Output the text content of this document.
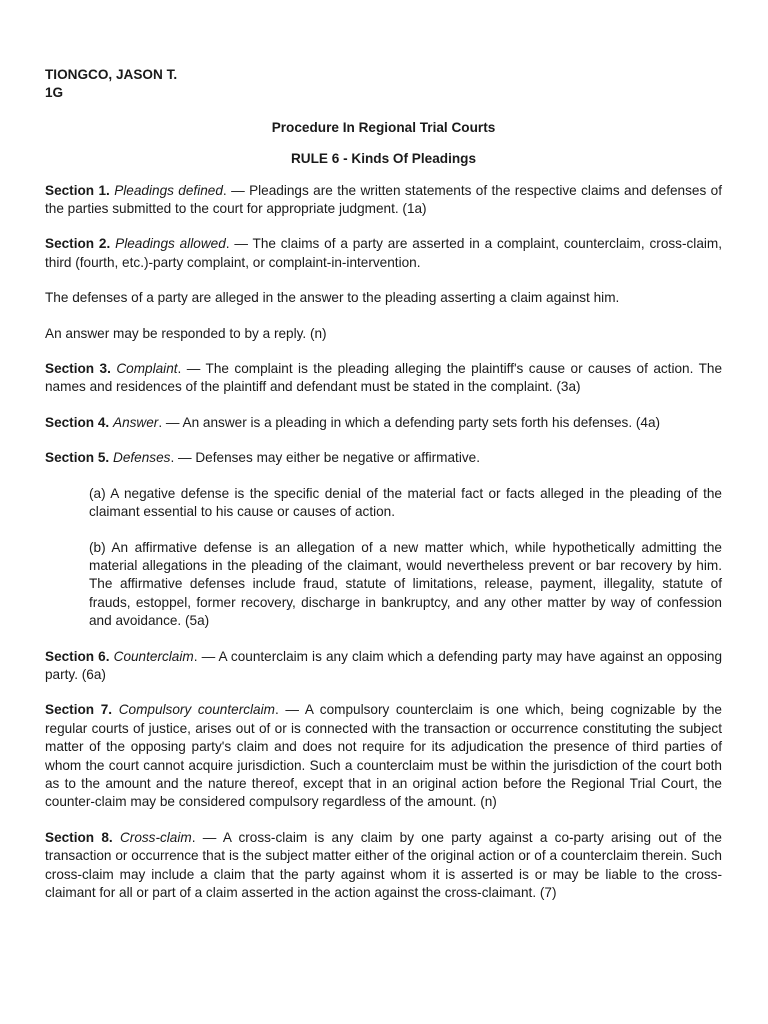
TIONGCO, JASON T.
1G
Procedure In Regional Trial Courts
RULE 6 - Kinds Of Pleadings

Section 1. Pleadings defined. — Pleadings are the written statements of the respective claims and defenses of the parties submitted to the court for appropriate judgment. (1a)

Section 2. Pleadings allowed. — The claims of a party are asserted in a complaint, counterclaim, cross-claim, third (fourth, etc.)-party complaint, or complaint-in-intervention.

The defenses of a party are alleged in the answer to the pleading asserting a claim against him.

An answer may be responded to by a reply. (n)

Section 3. Complaint. — The complaint is the pleading alleging the plaintiff's cause or causes of action. The names and residences of the plaintiff and defendant must be stated in the complaint. (3a)

Section 4. Answer. — An answer is a pleading in which a defending party sets forth his defenses. (4a)

Section 5. Defenses. — Defenses may either be negative or affirmative.

(a) A negative defense is the specific denial of the material fact or facts alleged in the pleading of the claimant essential to his cause or causes of action.

(b) An affirmative defense is an allegation of a new matter which, while hypothetically admitting the material allegations in the pleading of the claimant, would nevertheless prevent or bar recovery by him. The affirmative defenses include fraud, statute of limitations, release, payment, illegality, statute of frauds, estoppel, former recovery, discharge in bankruptcy, and any other matter by way of confession and avoidance. (5a)

Section 6. Counterclaim. — A counterclaim is any claim which a defending party may have against an opposing party. (6a)

Section 7. Compulsory counterclaim. — A compulsory counterclaim is one which, being cognizable by the regular courts of justice, arises out of or is connected with the transaction or occurrence constituting the subject matter of the opposing party's claim and does not require for its adjudication the presence of third parties of whom the court cannot acquire jurisdiction. Such a counterclaim must be within the jurisdiction of the court both as to the amount and the nature thereof, except that in an original action before the Regional Trial Court, the counter-claim may be considered compulsory regardless of the amount. (n)

Section 8. Cross-claim. — A cross-claim is any claim by one party against a co-party arising out of the transaction or occurrence that is the subject matter either of the original action or of a counterclaim therein. Such cross-claim may include a claim that the party against whom it is asserted is or may be liable to the cross-claimant for all or part of a claim asserted in the action against the cross-claimant. (7)
